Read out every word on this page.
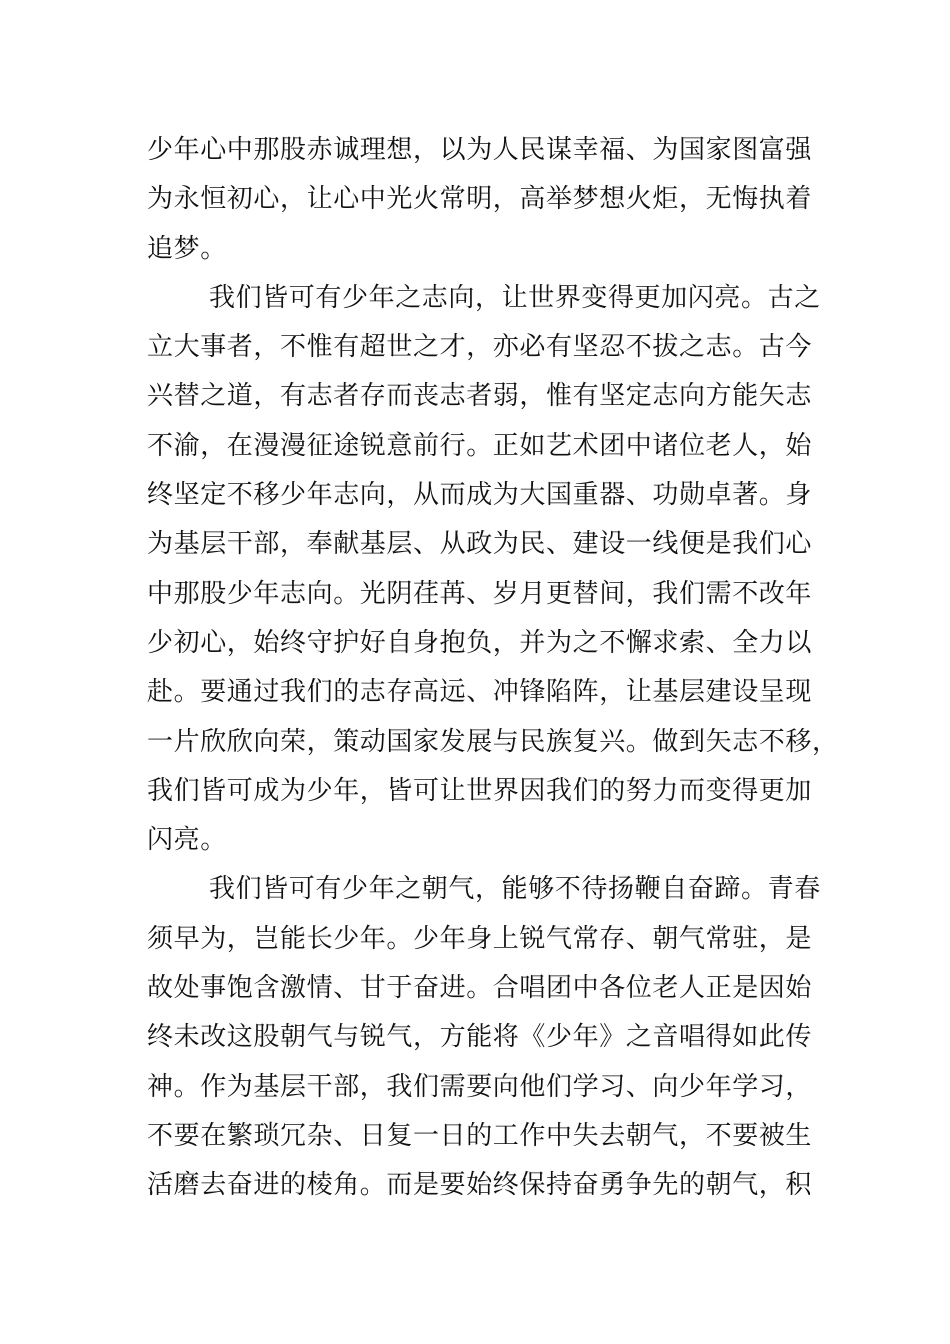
少年心中那股赤诚理想，以为人民谋幸福、为国家图富强
为永恒初心，让心中光火常明，高举梦想火炬，无悔执着
追梦。
我们皆可有少年之志向，让世界变得更加闪亮。古之
立大事者，不惟有超世之才，亦必有坚忍不拔之志。古今
兴替之道，有志者存而丧志者弱，惟有坚定志向方能矢志
不渝，在漫漫征途锐意前行。正如艺术团中诸位老人，始
终坚定不移少年志向，从而成为大国重器、功勋卓著。身
为基层干部，奉献基层、从政为民、建设一线便是我们心
中那股少年志向。光阴荏苒、岁月更替间，我们需不改年
少初心，始终守护好自身抱负，并为之不懈求索、全力以
赴。要通过我们的志存高远、冲锋陷阵，让基层建设呈现
一片欣欣向荣，策动国家发展与民族复兴。做到矢志不移，
我们皆可成为少年，皆可让世界因我们的努力而变得更加
闪亮。
我们皆可有少年之朝气，能够不待扬鞭自奋蹄。青春
须早为，岂能长少年。少年身上锐气常存、朝气常驻，是
故处事饱含激情、甘于奋进。合唱团中各位老人正是因始
终未改这股朝气与锐气，方能将《少年》之音唱得如此传
神。作为基层干部，我们需要向他们学习、向少年学习，
不要在繁琐冗杂、日复一日的工作中失去朝气，不要被生
活磨去奋进的棱角。而是要始终保持奋勇争先的朝气，积
